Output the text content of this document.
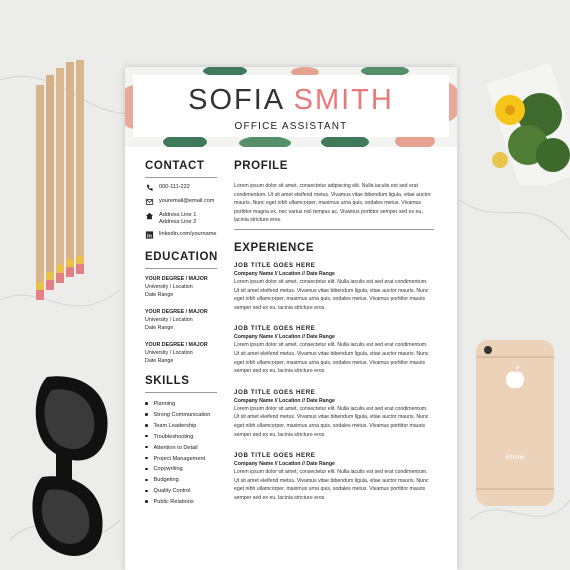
iPhone
SOFIA SMITH
OFFICE ASSISTANT
CONTACT
000-111-222
youremail@email.com
Address Line 1
Address Line 2
in linkedin.com/yourname
EDUCATION
YOUR DEGREE / MAJOR
University / Location
Date Range
YOUR DEGREE / MAJOR
University / Location
Date Range
YOUR DEGREE / MAJOR
University / Location
Date Range
SKILLS
Planning
Strong Communication
Team Leadership
Troubleshooting
Attention to Detail
Project Management
Copywriting
Budgeting
Quality Control
Public Relations
PROFILE

Lorem ipsum dolor sit amet, consectetur adipiscing elit. Nulla iaculis est sed erat condimentum. Ut sit amet eleifend metus. Vivamus vitae bibendum ligula, vitae auctor mauris. Nunc eget nibh ullamcorper, maximus urna quis, sodales metus. Vivamus porttitor magna ex, nec varius nisl tempus ac. Vivamus porttitor semper sed ex eu, lacinia stricture eros.

EXPERIENCE

JOB TITLE GOES HERE

Company Name // Location // Date Range

Lorem ipsum dolor sit amet, consectetur elit. Nulla iaculis est sed erat condimentum. Ut sit amet eleifend metus. Vivamus vitae bibendum ligula, vitae auctor mauris. Nunc eget nibh ullamcorper, maximus urna quis, sodales metus. Vivamus porttitor mauris semper sed ex eu, lacinia stricture eros.

JOB TITLE GOES HERE

Company Name // Location // Date Range

Lorem ipsum dolor sit amet, consectetur elit. Nulla iaculis est sed erat condimentum. Ut sit amet eleifend metus. Vivamus vitae bibendum ligula, vitae auctor mauris. Nunc eget nibh ullamcorper, maximus urna quis, sodales metus. Vivamus porttitor mauris semper sed ex eu, lacinia stricture eros.

JOB TITLE GOES HERE

Company Name // Location // Date Range

Lorem ipsum dolor sit amet, consectetur elit. Nulla iaculis est sed erat condimentum. Ut sit amet eleifend metus. Vivamus vitae bibendum ligula, vitae auctor mauris. Nunc eget nibh ullamcorper, maximus urna quis, sodales metus. Vivamus porttitor mauris semper sed ex eu, lacinia stricture eros.

JOB TITLE GOES HERE

Company Name // Location // Date Range

Lorem ipsum dolor sit amet, consectetur elit. Nulla iaculis est sed erat condimentum. Ut sit amet eleifend metus. Vivamus vitae bibendum ligula, vitae auctor mauris. Nunc eget nibh ullamcorper, maximus urna quis, sodales metus. Vivamus porttitor mauris semper sed ex eu, lacinia stricture eros.
